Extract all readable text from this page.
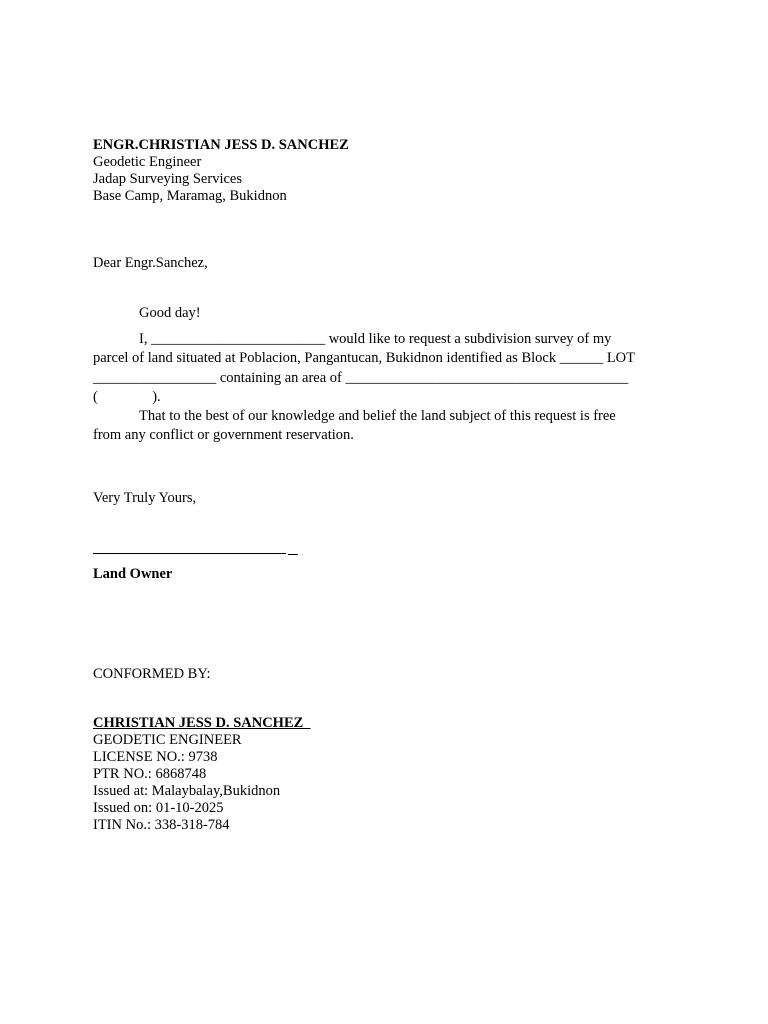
ENGR.CHRISTIAN JESS D. SANCHEZ
Geodetic Engineer
Jadap Surveying Services
Base Camp, Maramag, Bukidnon
Dear Engr.Sanchez,
Good day!
I, ________________________ would like to request a subdivision survey of my
parcel of land situated at Poblacion, Pangantucan, Bukidnon identified as Block ______ LOT
_________________ containing an area of _______________________________________
(               ).
That to the best of our knowledge and belief the land subject of this request is free
from any conflict or government reservation.
Very Truly Yours,
Land Owner
CONFORMED BY:
CHRISTIAN JESS D. SANCHEZ
GEODETIC ENGINEER
LICENSE NO.: 9738
PTR NO.: 6868748
Issued at: Malaybalay,Bukidnon
Issued on: 01-10-2025
ITIN No.: 338-318-784
